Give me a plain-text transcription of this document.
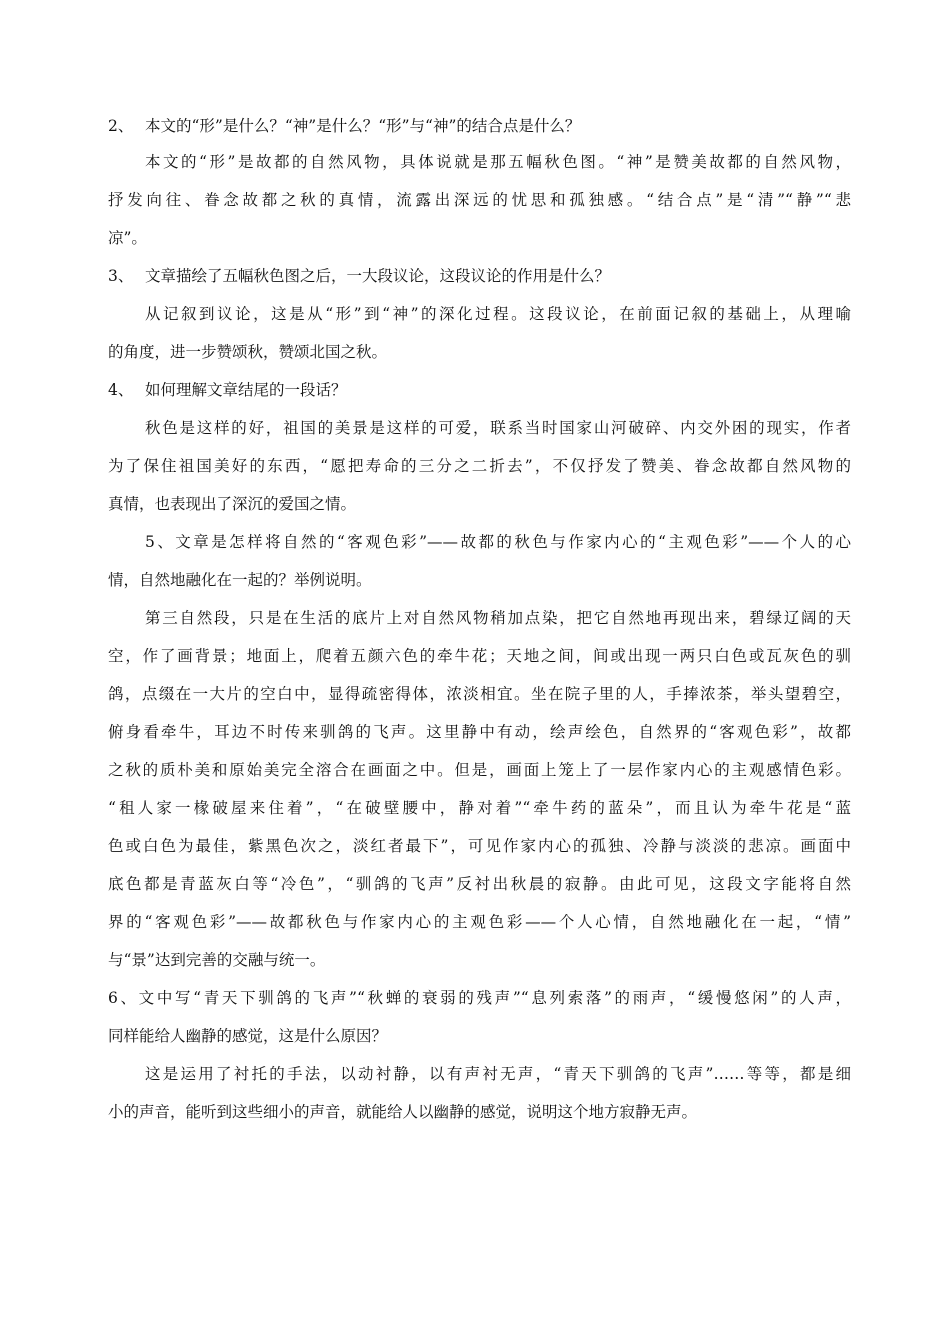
2、 本文的“形”是什么？“神”是什么？“形”与“神”的结合点是什么？
本文的“形”是故都的自然风物，具体说就是那五幅秋色图。“神”是赞美故都的自然风物，
抒发向往、眷念故都之秋的真情，流露出深远的忧思和孤独感。“结合点”是“清”“静”“悲
凉”。
3、 文章描绘了五幅秋色图之后，一大段议论，这段议论的作用是什么？
从记叙到议论，这是从“形”到“神”的深化过程。这段议论，在前面记叙的基础上，从理喻
的角度，进一步赞颂秋，赞颂北国之秋。
4、 如何理解文章结尾的一段话？
秋色是这样的好，祖国的美景是这样的可爱，联系当时国家山河破碎、内交外困的现实，作者
为了保住祖国美好的东西，“愿把寿命的三分之二折去”，不仅抒发了赞美、眷念故都自然风物的
真情，也表现出了深沉的爱国之情。
5、文章是怎样将自然的“客观色彩”——故都的秋色与作家内心的“主观色彩”——个人的心
情，自然地融化在一起的？举例说明。
第三自然段，只是在生活的底片上对自然风物稍加点染，把它自然地再现出来，碧绿辽阔的天
空，作了画背景；地面上，爬着五颜六色的牵牛花；天地之间，间或出现一两只白色或瓦灰色的驯
鸽，点缀在一大片的空白中，显得疏密得体，浓淡相宜。坐在院子里的人，手捧浓茶，举头望碧空，
俯身看牵牛，耳边不时传来驯鸽的飞声。这里静中有动，绘声绘色，自然界的“客观色彩”，故都
之秋的质朴美和原始美完全溶合在画面之中。但是，画面上笼上了一层作家内心的主观感情色彩。
“租人家一椽破屋来住着”，“在破壁腰中，静对着”“牵牛药的蓝朵”，而且认为牵牛花是“蓝
色或白色为最佳，紫黑色次之，淡红者最下”，可见作家内心的孤独、冷静与淡淡的悲凉。画面中
底色都是青蓝灰白等“冷色”，“驯鸽的飞声”反衬出秋晨的寂静。由此可见，这段文字能将自然
界的“客观色彩”——故都秋色与作家内心的主观色彩——个人心情，自然地融化在一起，“情”
与“景”达到完善的交融与统一。
6、文中写“青天下驯鸽的飞声”“秋蝉的衰弱的残声”“息列索落”的雨声，“缓慢悠闲”的人声，
同样能给人幽静的感觉，这是什么原因？
这是运用了衬托的手法，以动衬静，以有声衬无声，“青天下驯鸽的飞声”……等等，都是细
小的声音，能听到这些细小的声音，就能给人以幽静的感觉，说明这个地方寂静无声。
